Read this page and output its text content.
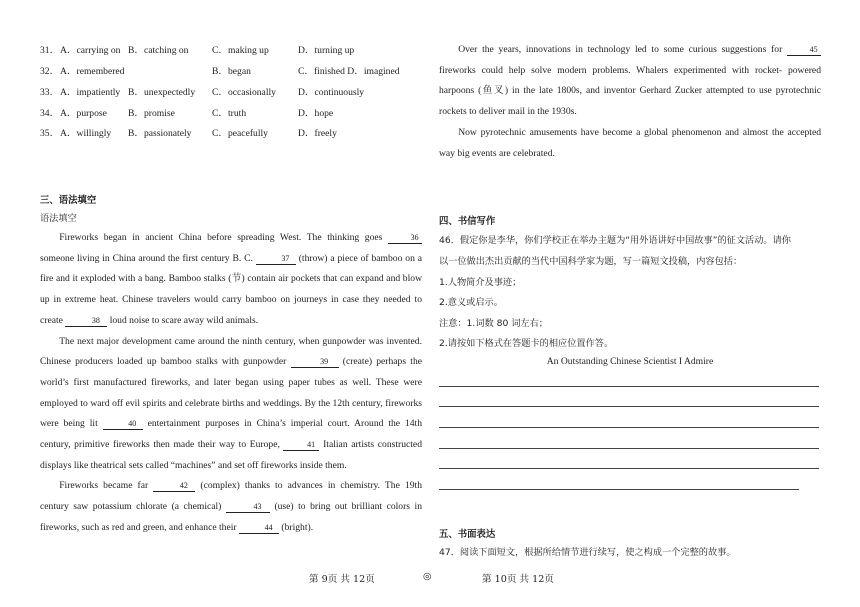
31． A．carrying on B．catching on C．making up	D．turning up
32． A．remembered	B．began	C．finished D．imagined
33． A．impatiently B．unexpectedly C．occasionally D．continuously
34． A．purpose B．promise	C．truth	D．hope
35． A．willingly B．passionately C．peacefully	D．freely
三、语法填空
语法填空

Fireworks began in ancient China before spreading West. The thinking goes	36 someone living in China around the first century B. C.	37 (throw) a piece of bamboo on a fire and it exploded with a bang. Bamboo stalks (节) contain air pockets that can expand and blow up in extreme heat. Chinese travelers would carry bamboo on journeys in case they needed to create	38 loud noise to scare away wild animals.

The next major development came around the ninth century, when gunpowder was invented. Chinese producers loaded up bamboo stalks with gunpowder	39 (create) perhaps the world’s first manufactured fireworks, and later began using paper tubes as well. These were employed to ward off evil spirits and celebrate births and weddings. By the 12th century, fireworks were being lit	40 entertainment purposes in China’s imperial court. Around the 14th century, primitive fireworks then made their way to Europe,	41 Italian artists constructed displays like theatrical sets called “machines” and set off fireworks inside them.

Fireworks became far	42 (complex) thanks to advances in chemistry. The 19th century saw potassium chlorate (a chemical)	43 (use) to bring out brilliant colors in fireworks, such as red and green, and enhance their	44 (bright).

Over the years, innovations in technology led to some curious suggestions for	45 fireworks could help solve modern problems. Whalers experimented with rocket- powered harpoons (鱼叉) in the late 1800s, and inventor Gerhard Zucker attempted to use pyrotechnic rockets to deliver mail in the 1930s.

Now pyrotechnic amusements have become a global phenomenon and almost the accepted way big events are celebrated.

四、书信写作
46．假定你是李华，你们学校正在举办主题为“用外语讲好中国故事”的征文活动。请你
以一位做出杰出贡献的当代中国科学家为题，写一篇短文投稿，内容包括：
1.人物简介及事迹；
2.意义或启示。
注意：1.词数 80 词左右；
2.请按如下格式在答题卡的相应位置作答。
An Outstanding Chinese Scientist I Admire
五、书面表达
47．阅读下面短文，根据所给情节进行续写，使之构成一个完整的故事。
第 9页 共 12页	◎	第 10页 共 12页
